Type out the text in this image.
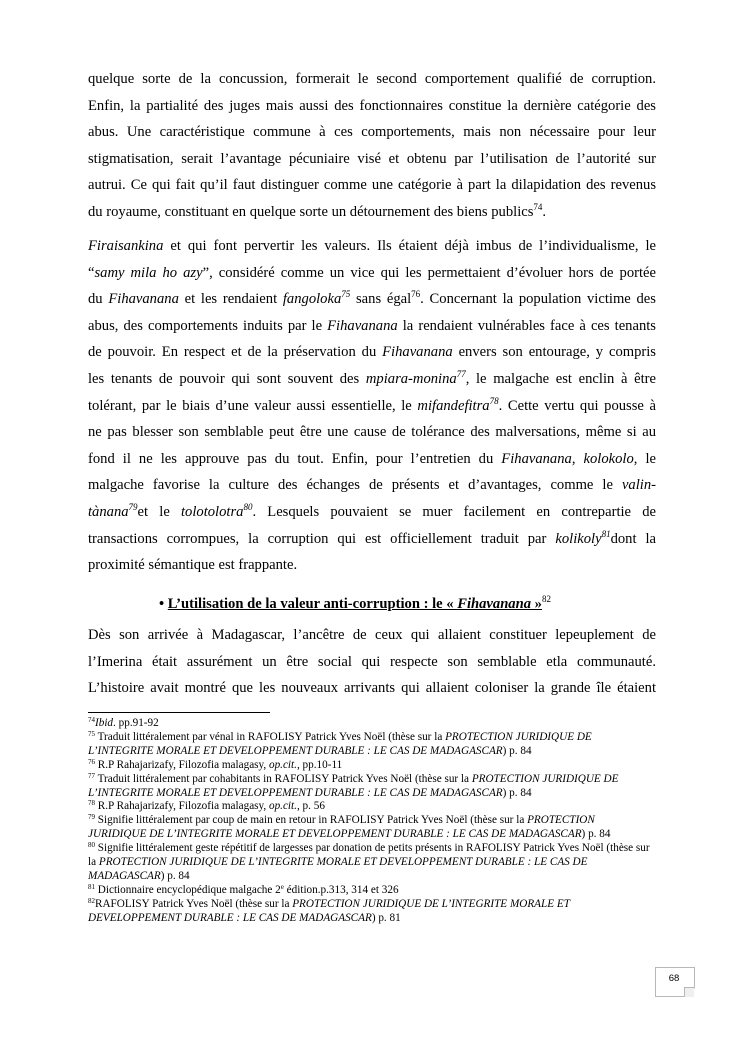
quelque sorte de la concussion, formerait le second comportement qualifié de corruption.
Enfin, la partialité des juges mais aussi des fonctionnaires constitue la dernière catégorie des
abus. Une caractéristique commune à ces comportements, mais non nécessaire pour leur
stigmatisation, serait l’avantage pécuniaire visé et obtenu par l’utilisation de l’autorité sur
autrui. Ce qui fait qu’il faut distinguer comme une catégorie à part la dilapidation des revenus
du royaume, constituant en quelque sorte un détournement des biens publics$^{74}$.
Firaisankina et qui font pervertir les valeurs. Ils étaient déjà imbus de l’individualisme, le
“samy mila ho azy”, considéré comme un vice qui les permettaient d’évoluer hors de portée
du Fihavanana et les rendaient fangoloka$^{75}$ sans égal$^{76}$. Concernant la population victime des
abus, des comportements induits par le Fihavanana la rendaient vulnérables face à ces tenants
de pouvoir. En respect et de la préservation du Fihavanana envers son entourage, y compris
les tenants de pouvoir qui sont souvent des mpiara-monina$^{77}$, le malgache est enclin à être
tolérant, par le biais d’une valeur aussi essentielle, le mifandefitra$^{78}$. Cette vertu qui pousse à
ne pas blesser son semblable peut être une cause de tolérance des malversations, même si au
fond il ne les approuve pas du tout. Enfin, pour l’entretien du Fihavanana, kolokolo, le
malgache favorise la culture des échanges de présents et d’avantages, comme le valin-
tànana$^{79}$et le tolotolotra$^{80}$. Lesquels pouvaient se muer facilement en contrepartie de
transactions corrompues, la corruption qui est officiellement traduit par kolikoly$^{81}$dont la
proximité sémantique est frappante.
• L’utilisation de la valeur anti-corruption : le « Fihavanana »$^{82}$
Dès son arrivée à Madagascar, l’ancêtre de ceux qui allaient constituer lepeuplement de
l’Imerina était assurément un être social qui respecte son semblable etla communauté.
L’histoire avait montré que les nouveaux arrivants qui allaient coloniser la grande île étaient
$^{74}$Ibid. pp.91-92
$^{75}$ Traduit littéralement par vénal in RAFOLISY Patrick Yves Noël (thèse sur la PROTECTION JURIDIQUE DE L’INTEGRITE MORALE ET DEVELOPPEMENT DURABLE : LE CAS DE MADAGASCAR) p. 84
$^{76}$ R.P Rahajarizafy, Filozofia malagasy, op.cit., pp.10-11
$^{77}$ Traduit littéralement par cohabitants in RAFOLISY Patrick Yves Noël (thèse sur la PROTECTION JURIDIQUE DE L’INTEGRITE MORALE ET DEVELOPPEMENT DURABLE : LE CAS DE MADAGASCAR) p. 84
$^{78}$ R.P Rahajarizafy, Filozofia malagasy, op.cit., p. 56
$^{79}$ Signifie littéralement par coup de main en retour in RAFOLISY Patrick Yves Noël (thèse sur la PROTECTION JURIDIQUE DE L’INTEGRITE MORALE ET DEVELOPPEMENT DURABLE : LE CAS DE MADAGASCAR) p. 84
$^{80}$ Signifie littéralement geste répétitif de largesses par donation de petits présents in RAFOLISY Patrick Yves Noël (thèse sur la PROTECTION JURIDIQUE DE L’INTEGRITE MORALE ET DEVELOPPEMENT DURABLE : LE CAS DE MADAGASCAR) p. 84
$^{81}$ Dictionnaire encyclopédique malgache 2e édition.p.313, 314 et 326
$^{82}$RAFOLISY Patrick Yves Noël (thèse sur la PROTECTION JURIDIQUE DE L’INTEGRITE MORALE ET DEVELOPPEMENT DURABLE : LE CAS DE MADAGASCAR) p. 81
68
